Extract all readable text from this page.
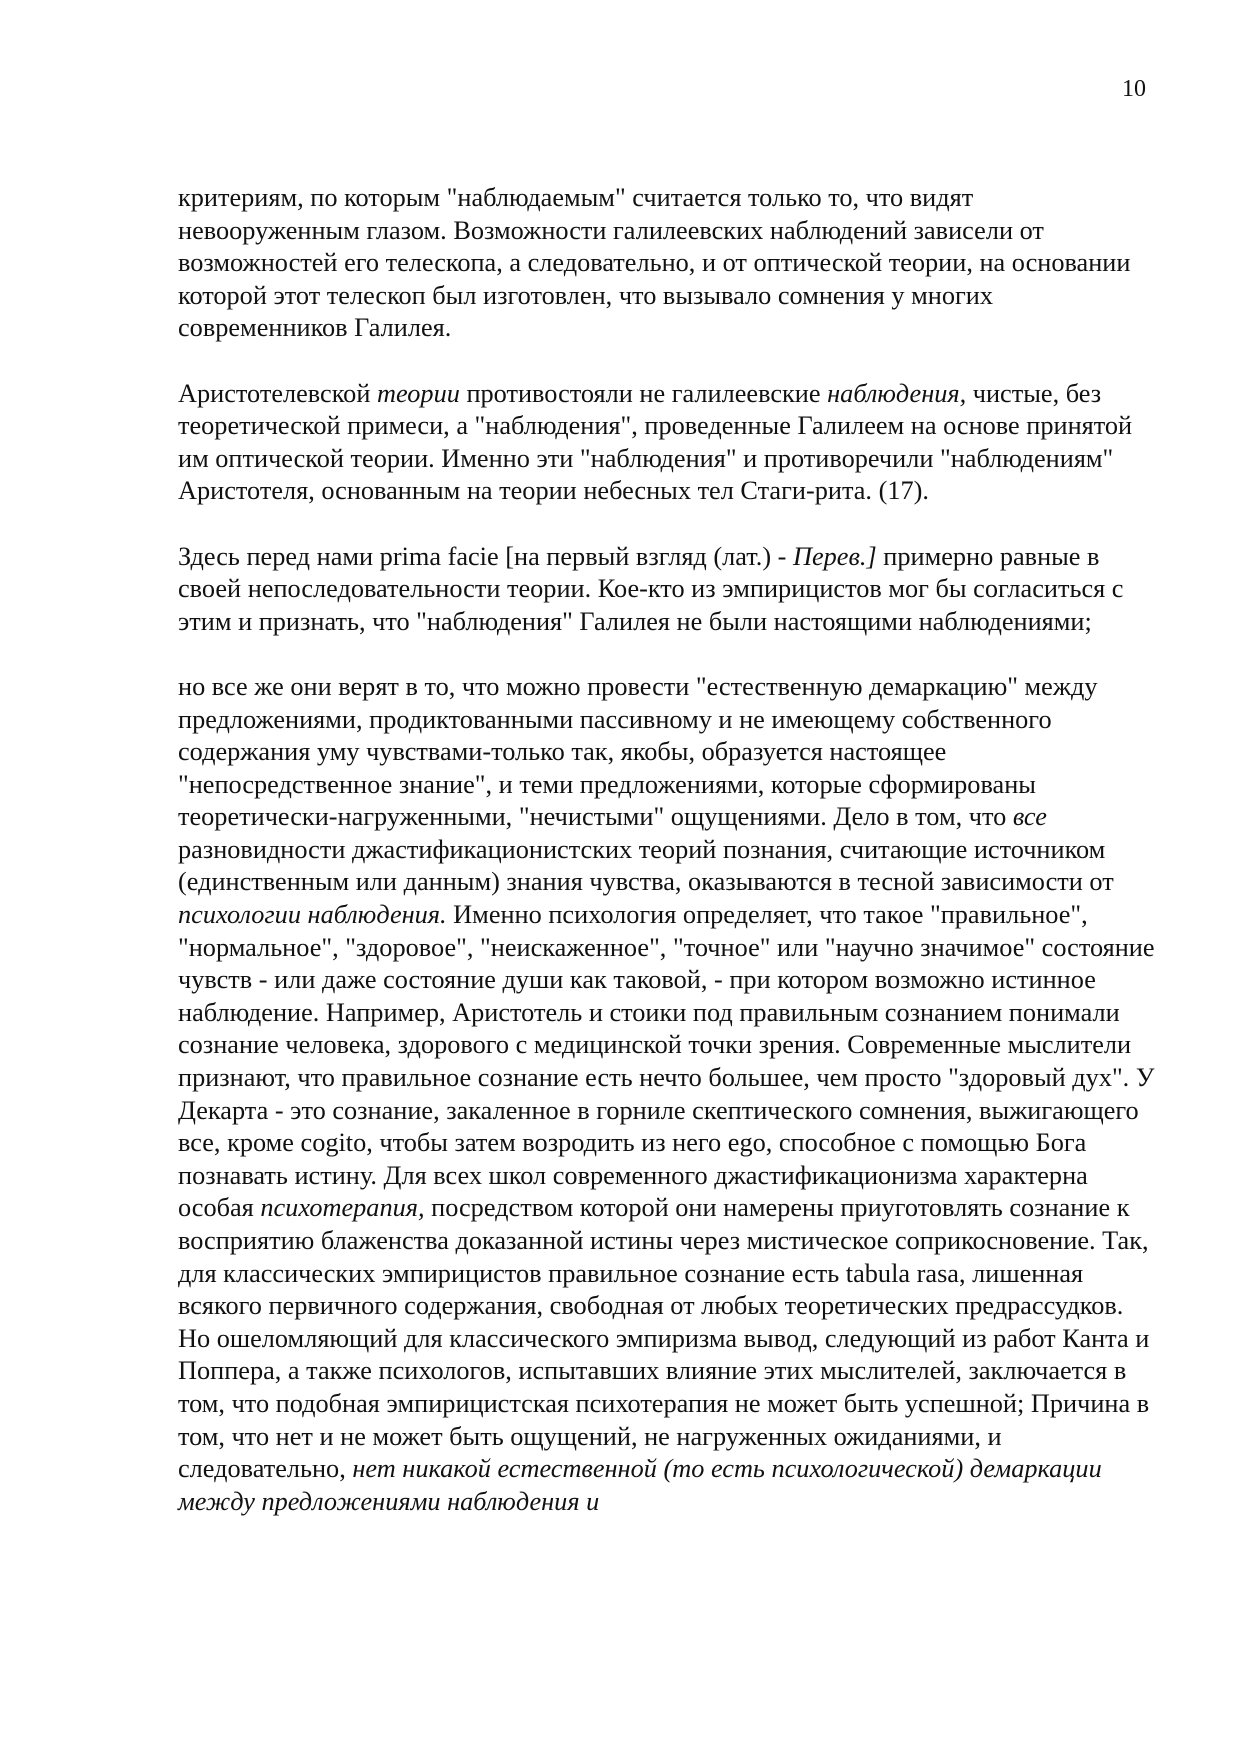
10

критериям, по которым "наблюдаемым" считается только то, что видят невооруженным глазом. Возможности галилеевских наблюдений зависели от возможностей его телескопа, а следовательно, и от оптической теории, на основании которой этот телескоп был изготовлен, что вызывало сомнения у многих современников Галилея.

Аристотелевской теории противостояли не галилеевские наблюдения, чистые, без теоретической примеси, а "наблюдения", проведенные Галилеем на основе принятой им оптической теории. Именно эти "наблюдения" и противоречили "наблюдениям" Аристотеля, основанным на теории небесных тел Стаги-рита. (17).

Здесь перед нами prima facie [на первый взгляд (лат.) - Перев.] примерно равные в своей непоследовательности теории. Кое-кто из эмпирицистов мог бы согласиться с этим и признать, что "наблюдения" Галилея не были настоящими наблюдениями;

но все же они верят в то, что можно провести "естественную демаркацию" между предложениями, продиктованными пассивному и не имеющему собственного содержания уму чувствами-только так, якобы, образуется настоящее "непосредственное знание", и теми предложениями, которые сформированы теоретически-нагруженными, "нечистыми" ощущениями. Дело в том, что все разновидности джастификационистских теорий познания, считающие источником (единственным или данным) знания чувства, оказываются в тесной зависимости от психологии наблюдения. Именно психология определяет, что такое "правильное", "нормальное", "здоровое", "неискаженное", "точное" или "научно значимое" состояние чувств - или даже состояние души как таковой, - при котором возможно истинное наблюдение. Например, Аристотель и стоики под правильным сознанием понимали сознание человека, здорового с медицинской точки зрения. Современные мыслители признают, что правильное сознание есть нечто большее, чем просто "здоровый дух". У Декарта - это сознание, закаленное в горниле скептического сомнения, выжигающего все, кроме cogito, чтобы затем возродить из него ego, способное с помощью Бога познавать истину. Для всех школ современного джастификационизма характерна особая психотерапия, посредством которой они намерены приуготовлять сознание к восприятию блаженства доказанной истины через мистическое соприкосновение. Так, для классических эмпирицистов правильное сознание есть tabula rasa, лишенная всякого первичного содержания, свободная от любых теоретических предрассудков. Но ошеломляющий для классического эмпиризма вывод, следующий из работ Канта и Поппера, а также психологов, испытавших влияние этих мыслителей, заключается в том, что подобная эмпирицистская психотерапия не может быть успешной; Причина в том, что нет и не может быть ощущений, не нагруженных ожиданиями, и следовательно, нет никакой естественной (то есть психологической) демаркации между предложениями наблюдения и
